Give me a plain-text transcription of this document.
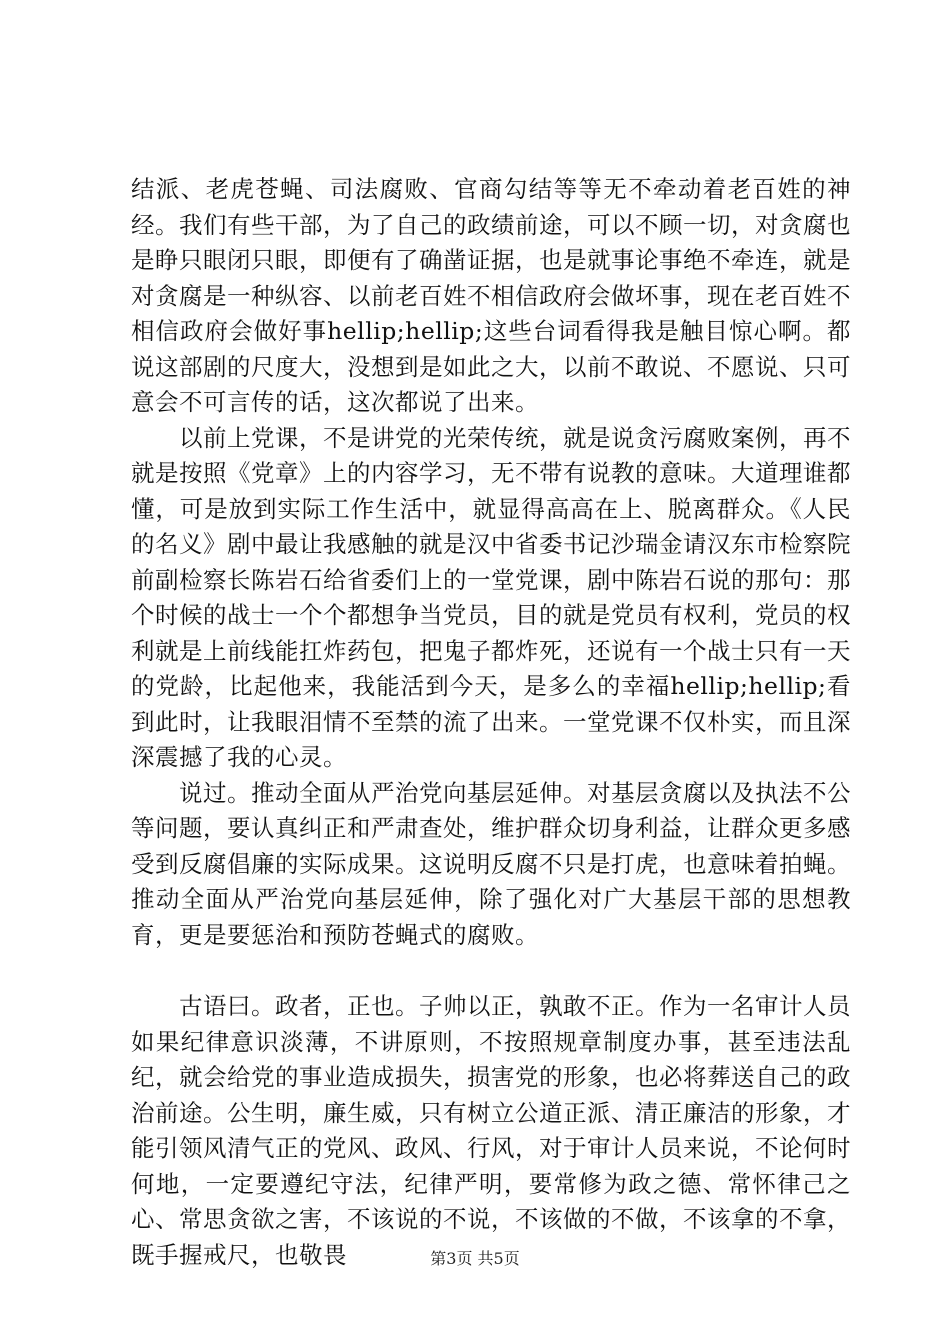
结派、老虎苍蝇、司法腐败、官商勾结等等无不牵动着老百姓的神经。我们有些干部，为了自己的政绩前途，可以不顾一切，对贪腐也是睁只眼闭只眼，即便有了确凿证据，也是就事论事绝不牵连，就是对贪腐是一种纵容、以前老百姓不相信政府会做坏事，现在老百姓不相信政府会做好事hellip;hellip;这些台词看得我是触目惊心啊。都说这部剧的尺度大，没想到是如此之大，以前不敢说、不愿说、只可意会不可言传的话，这次都说了出来。

以前上党课，不是讲党的光荣传统，就是说贪污腐败案例，再不就是按照《党章》上的内容学习，无不带有说教的意味。大道理谁都懂，可是放到实际工作生活中，就显得高高在上、脱离群众。《人民的名义》剧中最让我感触的就是汉中省委书记沙瑞金请汉东市检察院前副检察长陈岩石给省委们上的一堂党课，剧中陈岩石说的那句：那个时候的战士一个个都想争当党员，目的就是党员有权利，党员的权利就是上前线能扛炸药包，把鬼子都炸死，还说有一个战士只有一天的党龄，比起他来，我能活到今天，是多么的幸福hellip;hellip;看到此时，让我眼泪情不至禁的流了出来。一堂党课不仅朴实，而且深深震撼了我的心灵。

说过。推动全面从严治党向基层延伸。对基层贪腐以及执法不公等问题，要认真纠正和严肃查处，维护群众切身利益，让群众更多感受到反腐倡廉的实际成果。这说明反腐不只是打虎，也意味着拍蝇。推动全面从严治党向基层延伸，除了强化对广大基层干部的思想教育，更是要惩治和预防苍蝇式的腐败。

古语曰。政者，正也。子帅以正，孰敢不正。作为一名审计人员如果纪律意识淡薄，不讲原则，不按照规章制度办事，甚至违法乱纪，就会给党的事业造成损失，损害党的形象，也必将葬送自己的政治前途。公生明，廉生威，只有树立公道正派、清正廉洁的形象，才能引领风清气正的党风、政风、行风，对于审计人员来说，不论何时何地，一定要遵纪守法，纪律严明，要常修为政之德、常怀律己之心、常思贪欲之害，不该说的不说，不该做的不做，不该拿的不拿，既手握戒尺，也敬畏	第3页 共5页
